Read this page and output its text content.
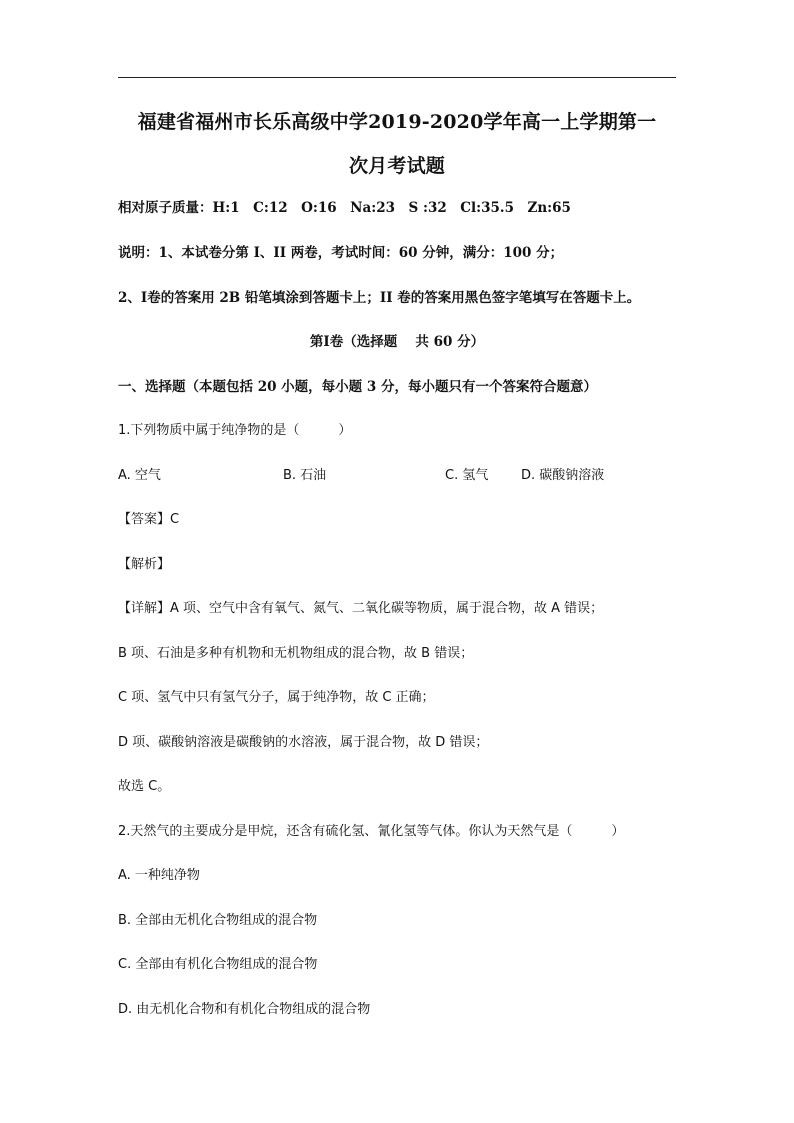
福建省福州市长乐高级中学2019-2020学年高一上学期第一
次月考试题
相对原子质量：H:1　C:12　O:16　Na:23　S :32　Cl:35.5　Zn:65
说明：1、本试卷分第 I、II 两卷，考试时间：60 分钟，满分：100 分；
2、Ⅰ卷的答案用 2B 铅笔填涂到答题卡上；II 卷的答案用黑色签字笔填写在答题卡上。
第Ⅰ卷（选择题　 共 60 分）
一、选择题（本题包括 20 小题，每小题 3 分，每小题只有一个答案符合题意）
1.下列物质中属于纯净物的是（　　　）
A. 空气	B. 石油	C. 氢气	D. 碳酸钠溶液
【答案】C
【解析】
【详解】A 项、空气中含有氧气、氮气、二氧化碳等物质，属于混合物，故 A 错误；
B 项、石油是多种有机物和无机物组成的混合物，故 B 错误；
C 项、氢气中只有氢气分子，属于纯净物，故 C 正确；
D 项、碳酸钠溶液是碳酸钠的水溶液，属于混合物，故 D 错误；
故选 C。
2.天然气的主要成分是甲烷，还含有硫化氢、氰化氢等气体。你认为天然气是（　　　）
A. 一种纯净物
B. 全部由无机化合物组成的混合物
C. 全部由有机化合物组成的混合物
D. 由无机化合物和有机化合物组成的混合物
